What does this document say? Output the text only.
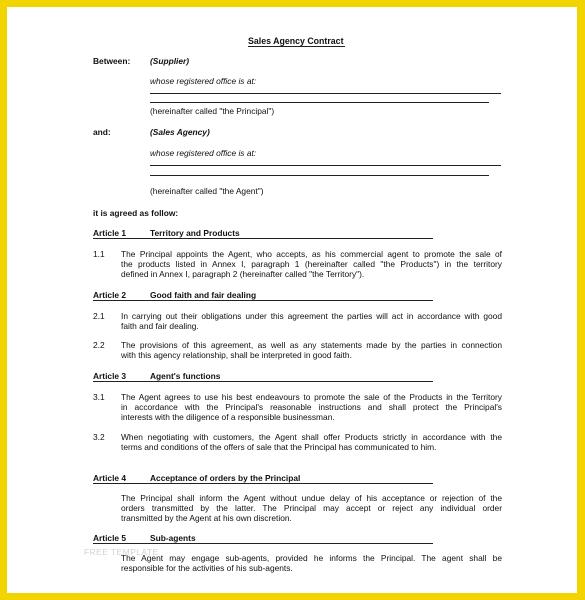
Sales Agency Contract
Between: (Supplier)
whose registered office is at:
(hereinafter called "the Principal")
and:	(Sales Agency)
whose registered office is at:
(hereinafter called "the Agent")
it is agreed as follow:
Article 1	Territory and Products
1.1 The Principal appoints the Agent, who accepts, as his commercial agent to promote the sale of
the products listed in Annex I, paragraph 1 (hereinafter called "the Products") in the territory
defined in Annex I, paragraph 2 (hereinafter called "the Territory").
Article 2	Good faith and fair dealing
2.1 In carrying out their obligations under this agreement the parties will act in accordance with good
faith and fair dealing.
2.2 The provisions of this agreement, as well as any statements made by the parties in connection
with this agency relationship, shall be interpreted in good faith.
Article 3	Agent's functions
3.1 The Agent agrees to use his best endeavours to promote the sale of the Products in the Territory
in accordance with the Principal's reasonable instructions and shall protect the Principal's
interests with the diligence of a responsible businessman.
3.2 When negotiating with customers, the Agent shall offer Products strictly in accordance with the
terms and conditions of the offers of sale that the Principal has communicated to him.
Article 4	Acceptance of orders by the Principal
The Principal shall inform the Agent without undue delay of his acceptance or rejection of the
orders transmitted by the latter. The Principal may accept or reject any individual order
transmitted by the Agent at his own discretion.
Article 5	Sub-agents
The Agent may engage sub-agents, provided he informs the Principal. The agent shall be
responsible for the activities of his sub-agents.
FREE TEMPLATE
